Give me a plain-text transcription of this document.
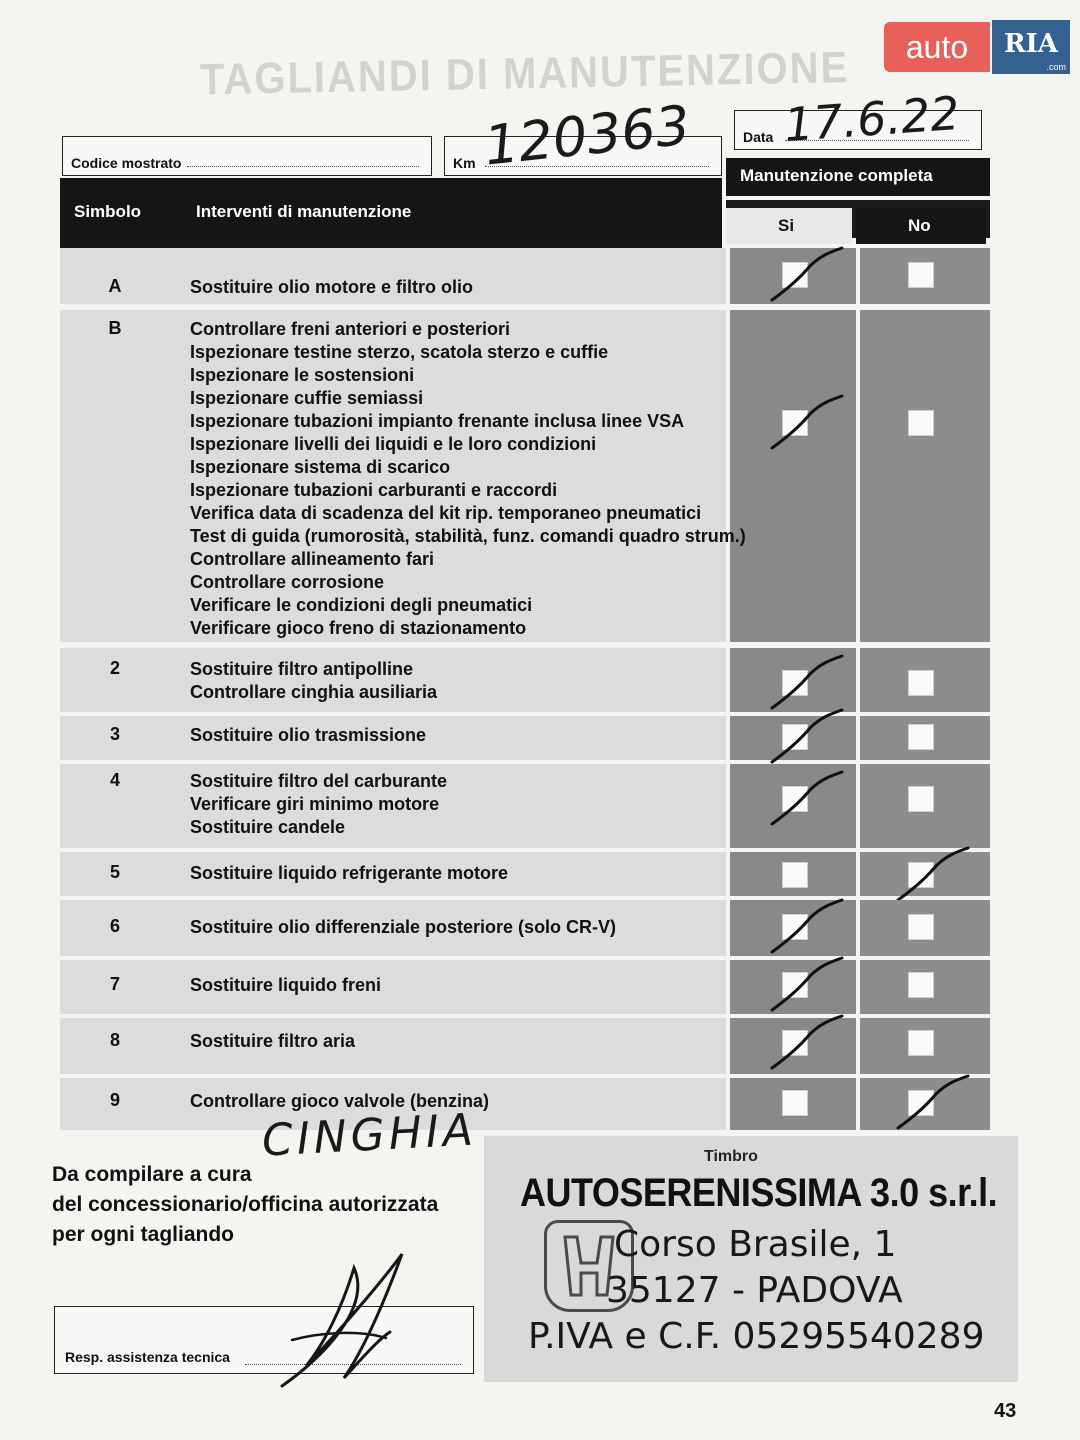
TAGLIANDI DI MANUTENZIONE	auto	RIA
.com
Codice mostrato	Km 120363	Data 17.6.22
Simbolo	Interventi di manutenzione
Manutenzione completa
Si	No
A	Sostituire olio motore e filtro olio
B	Controllare freni anteriori e posteriori
Ispezionare testine sterzo, scatola sterzo e cuffie
Ispezionare le sostensioni
Ispezionare cuffie semiassi
Ispezionare tubazioni impianto frenante inclusa linee VSA
Ispezionare livelli dei liquidi e le loro condizioni
Ispezionare sistema di scarico
Ispezionare tubazioni carburanti e raccordi
Verifica data di scadenza del kit rip. temporaneo pneumatici
Test di guida (rumorosità, stabilità, funz. comandi quadro strum.)
Controllare allineamento fari
Controllare corrosione
Verificare le condizioni degli pneumatici
Verificare gioco freno di stazionamento
2	Sostituire filtro antipolline
Controllare cinghia ausiliaria
3	Sostituire olio trasmissione
4	Sostituire filtro del carburante
Verificare giri minimo motore
Sostituire candele
5	Sostituire liquido refrigerante motore
6	Sostituire olio differenziale posteriore (solo CR-V)
7	Sostituire liquido freni
8	Sostituire filtro aria
9	Controllare gioco valvole (benzina)
CINGHIA
Da compilare a cura
del concessionario/officina autorizzata
per ogni tagliando
Resp. assistenza tecnica
Timbro
AUTOSERENISSIMA 3.0 s.r.l.
Corso Brasile, 1
35127 - PADOVA
P.IVA e C.F. 05295540289
43
